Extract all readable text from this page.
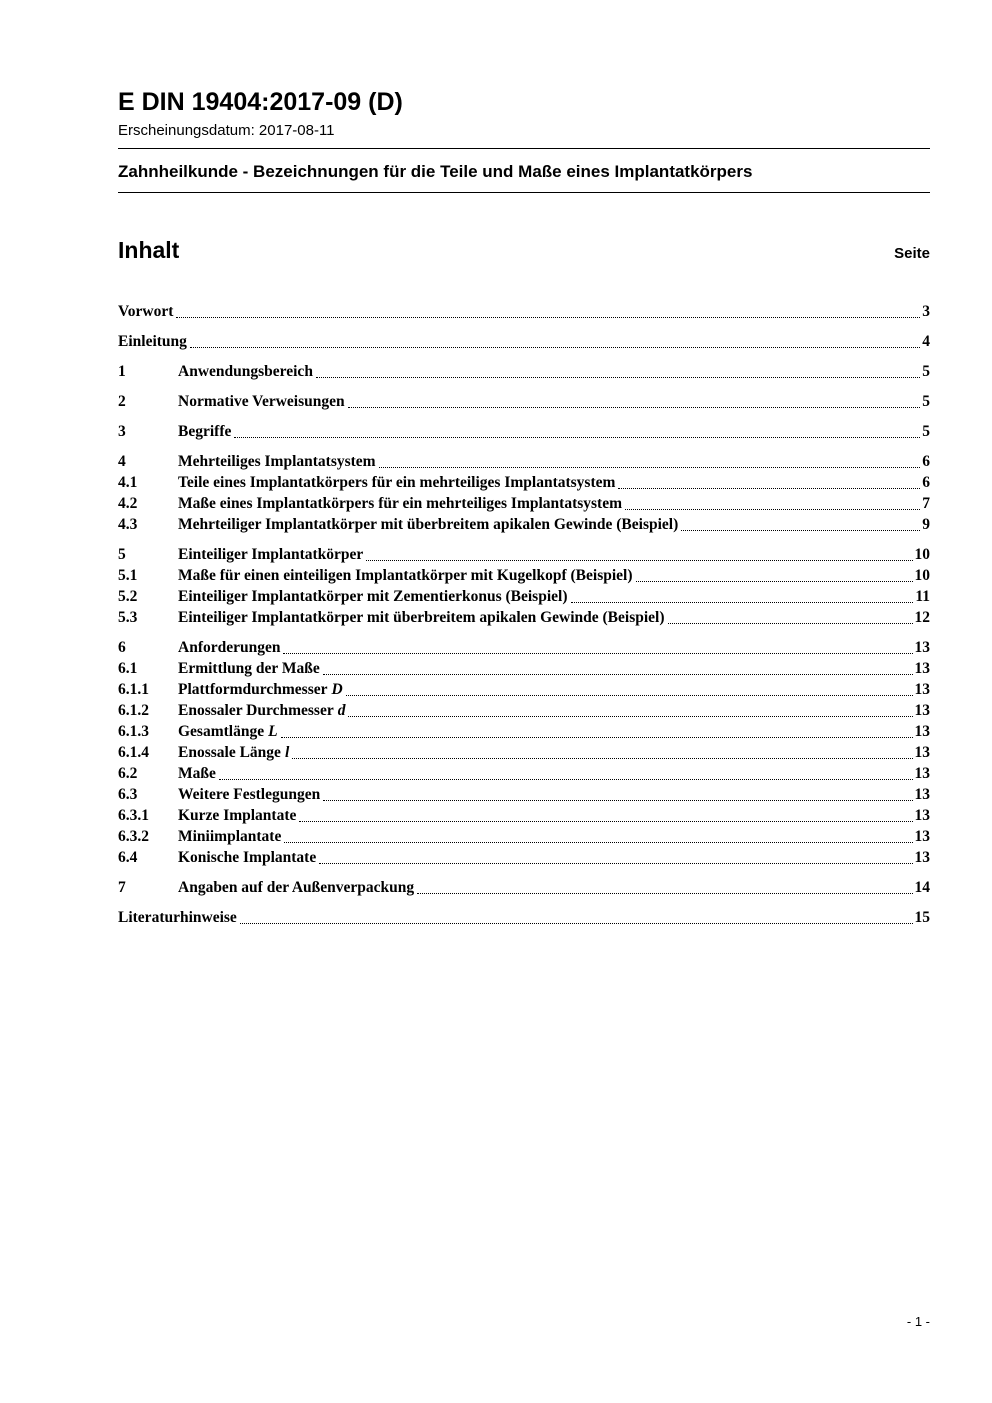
E DIN 19404:2017-09 (D)
Erscheinungsdatum: 2017-08-11
Zahnheilkunde - Bezeichnungen für die Teile und Maße eines Implantatkörpers
Inhalt	Seite
Vorwort	3
Einleitung	4
1	Anwendungsbereich	5
2	Normative Verweisungen	5
3	Begriffe	5
4	Mehrteiliges Implantatsystem	6
4.1	Teile eines Implantatkörpers für ein mehrteiliges Implantatsystem	6
4.2	Maße eines Implantatkörpers für ein mehrteiliges Implantatsystem	7
4.3	Mehrteiliger Implantatkörper mit überbreitem apikalen Gewinde (Beispiel)	9
5	Einteiliger Implantatkörper	10
5.1	Maße für einen einteiligen Implantatkörper mit Kugelkopf (Beispiel)	10
5.2	Einteiliger Implantatkörper mit Zementierkonus (Beispiel)	11
5.3	Einteiliger Implantatkörper mit überbreitem apikalen Gewinde (Beispiel)	12
6	Anforderungen	13
6.1	Ermittlung der Maße	13
6.1.1	Plattformdurchmesser D	13
6.1.2	Enossaler Durchmesser d	13
6.1.3	Gesamtlänge L	13
6.1.4	Enossale Länge l	13
6.2	Maße	13
6.3	Weitere Festlegungen	13
6.3.1	Kurze Implantate	13
6.3.2	Miniimplantate	13
6.4	Konische Implantate	13
7	Angaben auf der Außenverpackung	14
Literaturhinweise	15
- 1 -
